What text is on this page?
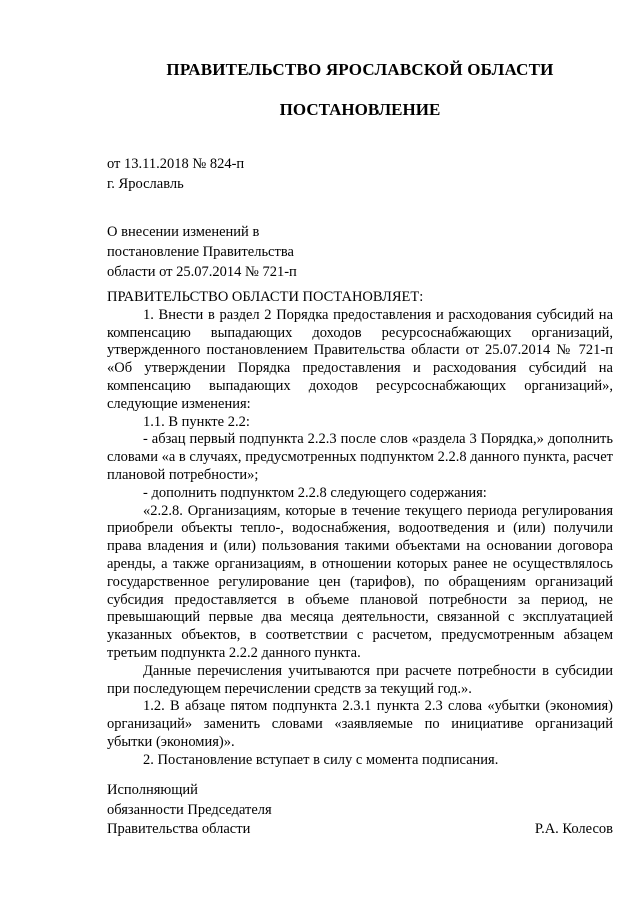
ПРАВИТЕЛЬСТВО ЯРОСЛАВСКОЙ ОБЛАСТИ
ПОСТАНОВЛЕНИЕ
от 13.11.2018 № 824-п
г. Ярославль
О внесении изменений в
постановление Правительства
области от 25.07.2014 № 721-п

ПРАВИТЕЛЬСТВО ОБЛАСТИ ПОСТАНОВЛЯЕТ:

1. Внести в раздел 2 Порядка предоставления и расходования субсидий на компенсацию выпадающих доходов ресурсоснабжающих организаций, утвержденного постановлением Правительства области от 25.07.2014 № 721-п «Об утверждении Порядка предоставления и расходования субсидий на компенсацию выпадающих доходов ресурсоснабжающих организаций», следующие изменения:

1.1. В пункте 2.2:

- абзац первый подпункта 2.2.3 после слов «раздела 3 Порядка,» дополнить словами «а в случаях, предусмотренных подпунктом 2.2.8 данного пункта, расчет плановой потребности»;

- дополнить подпунктом 2.2.8 следующего содержания:

«2.2.8. Организациям, которые в течение текущего периода регулирования приобрели объекты тепло-, водоснабжения, водоотведения и (или) получили права владения и (или) пользования такими объектами на основании договора аренды, а также организациям, в отношении которых ранее не осуществлялось государственное регулирование цен (тарифов), по обращениям организаций субсидия предоставляется в объеме плановой потребности за период, не превышающий первые два месяца деятельности, связанной с эксплуатацией указанных объектов, в соответствии с расчетом, предусмотренным абзацем третьим подпункта 2.2.2 данного пункта.

Данные перечисления учитываются при расчете потребности в субсидии при последующем перечислении средств за текущий год.».

1.2. В абзаце пятом подпункта 2.3.1 пункта 2.3 слова «убытки (экономия) организаций» заменить словами «заявляемые по инициативе организаций убытки (экономия)».

2. Постановление вступает в силу с момента подписания.

Исполняющий
обязанности Председателя
Правительства области	Р.А. Колесов
